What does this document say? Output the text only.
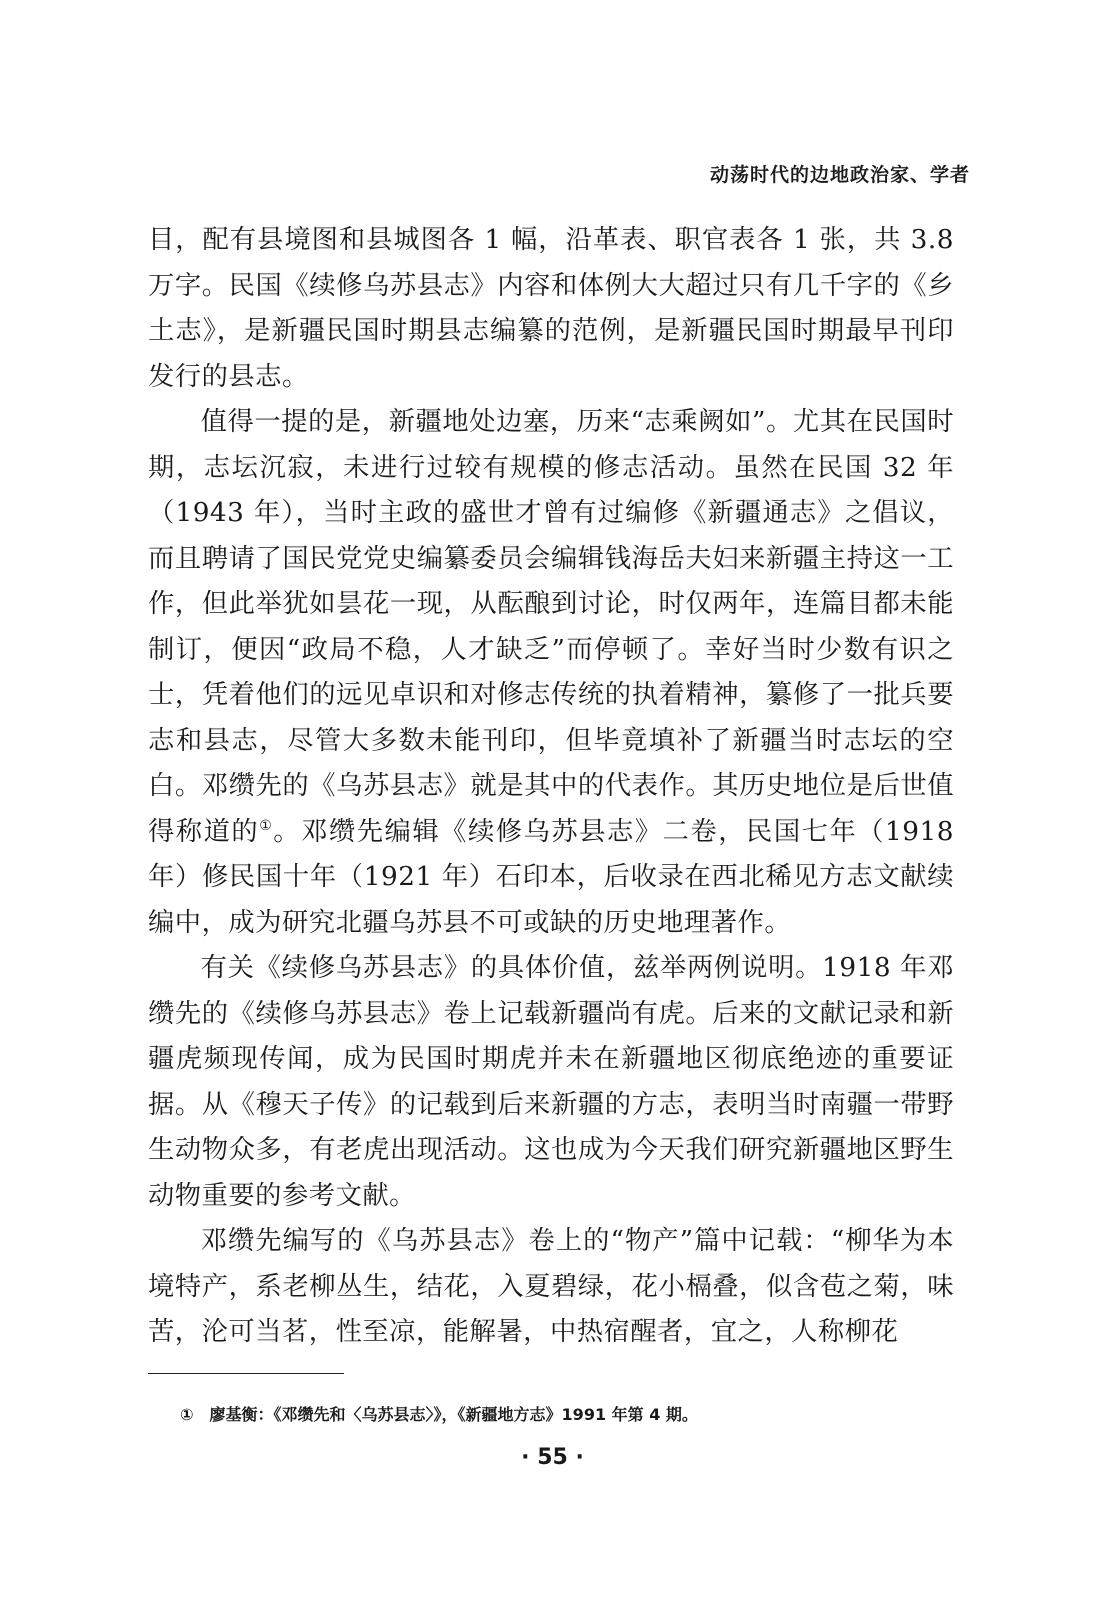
动荡时代的边地政治家、学者

目，配有县境图和县城图各 1 幅，沿革表、职官表各 1 张，共 3.8 万字。民国《续修乌苏县志》内容和体例大大超过只有几千字的《乡土志》，是新疆民国时期县志编纂的范例，是新疆民国时期最早刊印发行的县志。

值得一提的是，新疆地处边塞，历来“志乘阙如”。尤其在民国时期，志坛沉寂，未进行过较有规模的修志活动。虽然在民国 32 年（1943 年），当时主政的盛世才曾有过编修《新疆通志》之倡议，而且聘请了国民党党史编纂委员会编辑钱海岳夫妇来新疆主持这一工作，但此举犹如昙花一现，从酝酿到讨论，时仅两年，连篇目都未能制订，便因“政局不稳，人才缺乏”而停顿了。幸好当时少数有识之士，凭着他们的远见卓识和对修志传统的执着精神，纂修了一批兵要志和县志，尽管大多数未能刊印，但毕竟填补了新疆当时志坛的空白。邓缵先的《乌苏县志》就是其中的代表作。其历史地位是后世值得称道的①。邓缵先编辑《续修乌苏县志》二卷，民国七年（1918 年）修民国十年（1921 年）石印本，后收录在西北稀见方志文献续编中，成为研究北疆乌苏县不可或缺的历史地理著作。

有关《续修乌苏县志》的具体价值，兹举两例说明。1918 年邓缵先的《续修乌苏县志》卷上记载新疆尚有虎。后来的文献记录和新疆虎频现传闻，成为民国时期虎并未在新疆地区彻底绝迹的重要证据。从《穆天子传》的记载到后来新疆的方志，表明当时南疆一带野生动物众多，有老虎出现活动。这也成为今天我们研究新疆地区野生动物重要的参考文献。

邓缵先编写的《乌苏县志》卷上的“物产”篇中记载：“柳华为本境特产，系老柳丛生，结花，入夏碧绿，花小槅叠，似含苞之菊，味苦，沦可当茗，性至凉，能解暑，中热宿醒者，宜之，人称柳花

① 廖基衡：《邓缵先和〈乌苏县志〉》，《新疆地方志》1991 年第 4 期。
· 55 ·
